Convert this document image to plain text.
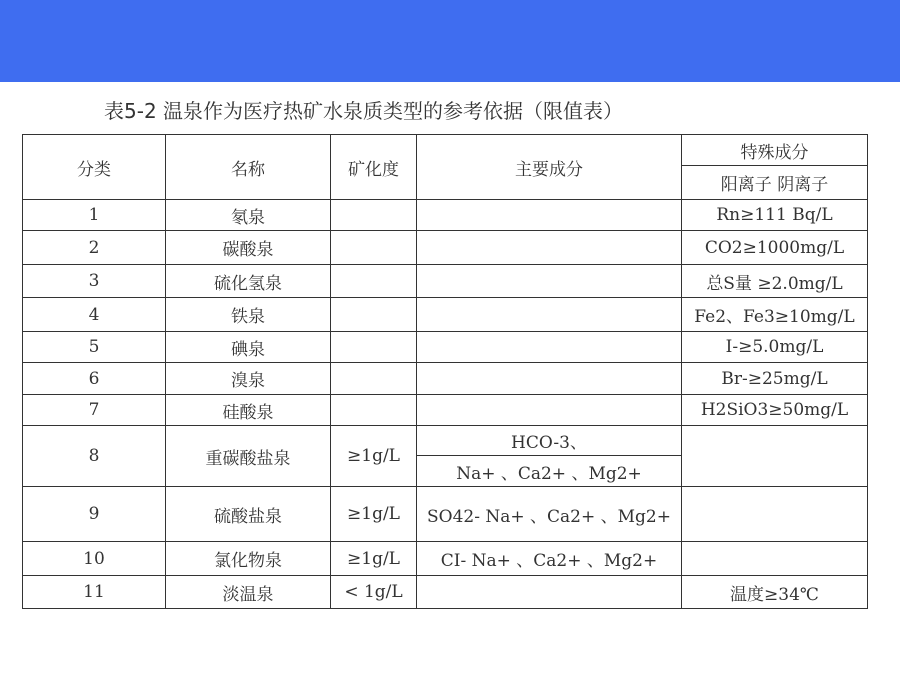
表5-2 温泉作为医疗热矿水泉质类型的参考依据（限值表）
分类	名称	矿化度	主要成分	特殊成分
				阳离子 阴离子
1	氡泉			Rn≥111 Bq/L
2	碳酸泉			CO2≥1000mg/L
3	硫化氢泉			总S量 ≥2.0mg/L
4	铁泉			Fe2、Fe3≥10mg/L
5	碘泉			I-≥5.0mg/L
6	溴泉			Br-≥25mg/L
7	硅酸泉			H2SiO3≥50mg/L
8	重碳酸盐泉	≥1g/L	HCO-3、	
			Na+ 、Ca2+ 、Mg2+	
9	硫酸盐泉	≥1g/L	SO42- Na+ 、Ca2+ 、Mg2+	
10	氯化物泉	≥1g/L	CI- Na+ 、Ca2+ 、Mg2+	
11	淡温泉	< 1g/L		温度≥34℃
